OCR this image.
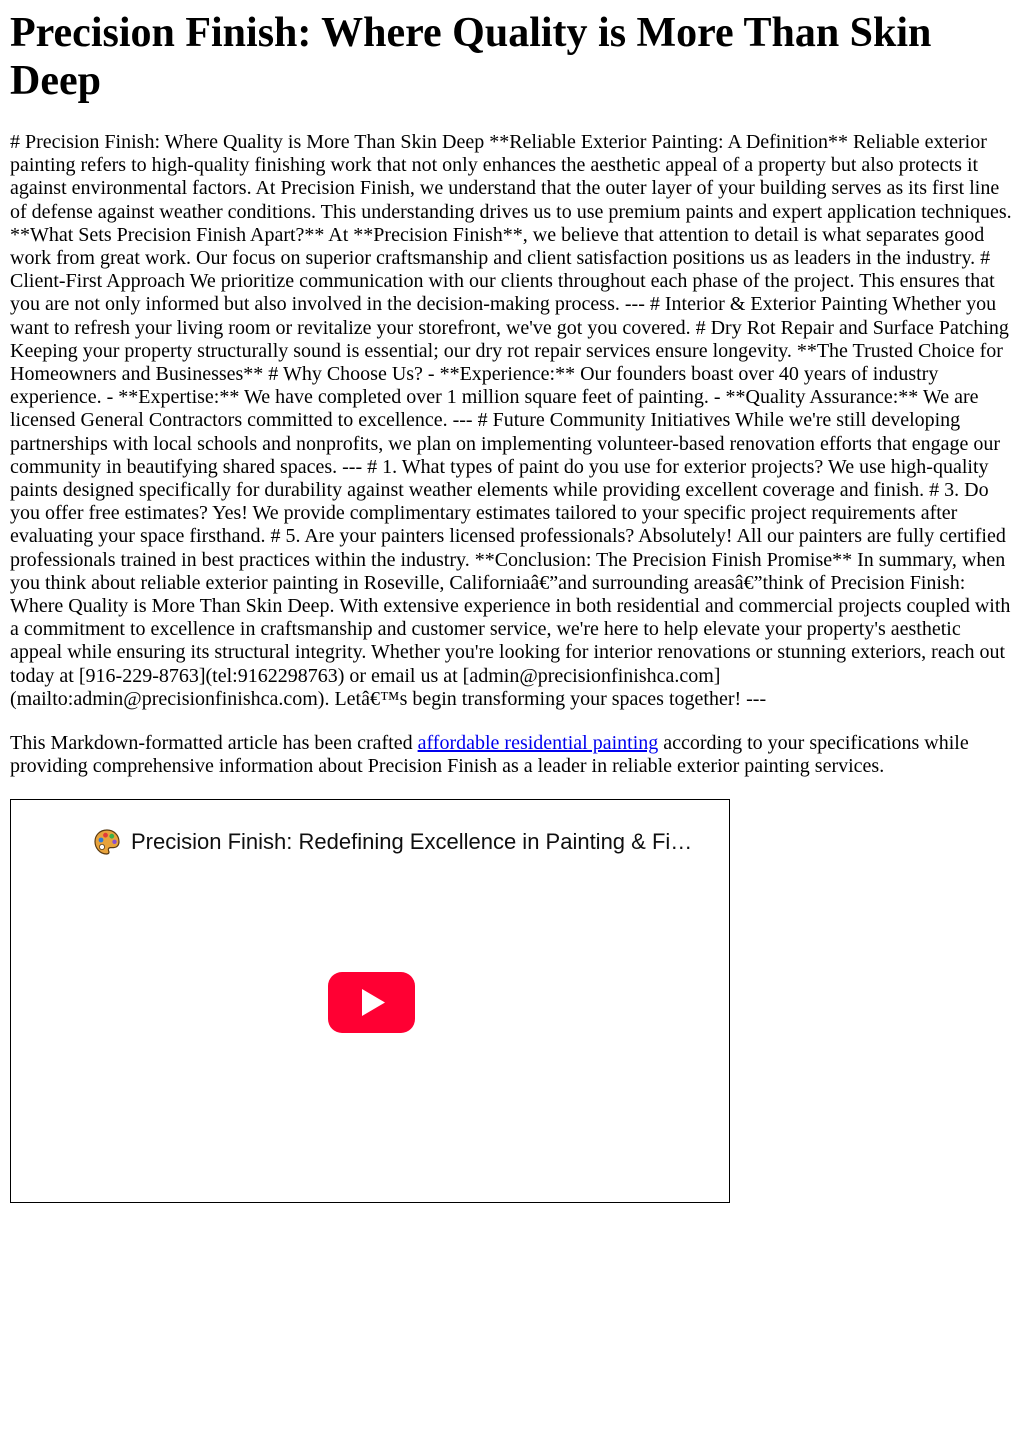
Precision Finish: Where Quality is More Than Skin Deep

# Precision Finish: Where Quality is More Than Skin Deep **Reliable Exterior Painting: A Definition** Reliable exterior painting refers to high-quality finishing work that not only enhances the aesthetic appeal of a property but also protects it against environmental factors. At Precision Finish, we understand that the outer layer of your building serves as its first line of defense against weather conditions. This understanding drives us to use premium paints and expert application techniques. **What Sets Precision Finish Apart?** At **Precision Finish**, we believe that attention to detail is what separates good work from great work. Our focus on superior craftsmanship and client satisfaction positions us as leaders in the industry. # Client-First Approach We prioritize communication with our clients throughout each phase of the project. This ensures that you are not only informed but also involved in the decision-making process. --- # Interior & Exterior Painting Whether you want to refresh your living room or revitalize your storefront, we've got you covered. # Dry Rot Repair and Surface Patching Keeping your property structurally sound is essential; our dry rot repair services ensure longevity. **The Trusted Choice for Homeowners and Businesses** # Why Choose Us? - **Experience:** Our founders boast over 40 years of industry experience. - **Expertise:** We have completed over 1 million square feet of painting. - **Quality Assurance:** We are licensed General Contractors committed to excellence. --- # Future Community Initiatives While we're still developing partnerships with local schools and nonprofits, we plan on implementing volunteer-based renovation efforts that engage our community in beautifying shared spaces. --- # 1. What types of paint do you use for exterior projects? We use high-quality paints designed specifically for durability against weather elements while providing excellent coverage and finish. # 3. Do you offer free estimates? Yes! We provide complimentary estimates tailored to your specific project requirements after evaluating your space firsthand. # 5. Are your painters licensed professionals? Absolutely! All our painters are fully certified professionals trained in best practices within the industry. **Conclusion: The Precision Finish Promise** In summary, when you think about reliable exterior painting in Roseville, Californiaâ€”and surrounding areasâ€”think of Precision Finish: Where Quality is More Than Skin Deep. With extensive experience in both residential and commercial projects coupled with a commitment to excellence in craftsmanship and customer service, we're here to help elevate your property's aesthetic appeal while ensuring its structural integrity. Whether you're looking for interior renovations or stunning exteriors, reach out today at [916-229-8763](tel:9162298763) or email us at [admin@precisionfinishca.com](mailto:admin@precisionfinishca.com). Letâ€™s begin transforming your spaces together! ---

This Markdown-formatted article has been crafted affordable residential painting according to your specifications while providing comprehensive information about Precision Finish as a leader in reliable exterior painting services.

Precision Finish: Redefining Excellence in Painting & Fi…
